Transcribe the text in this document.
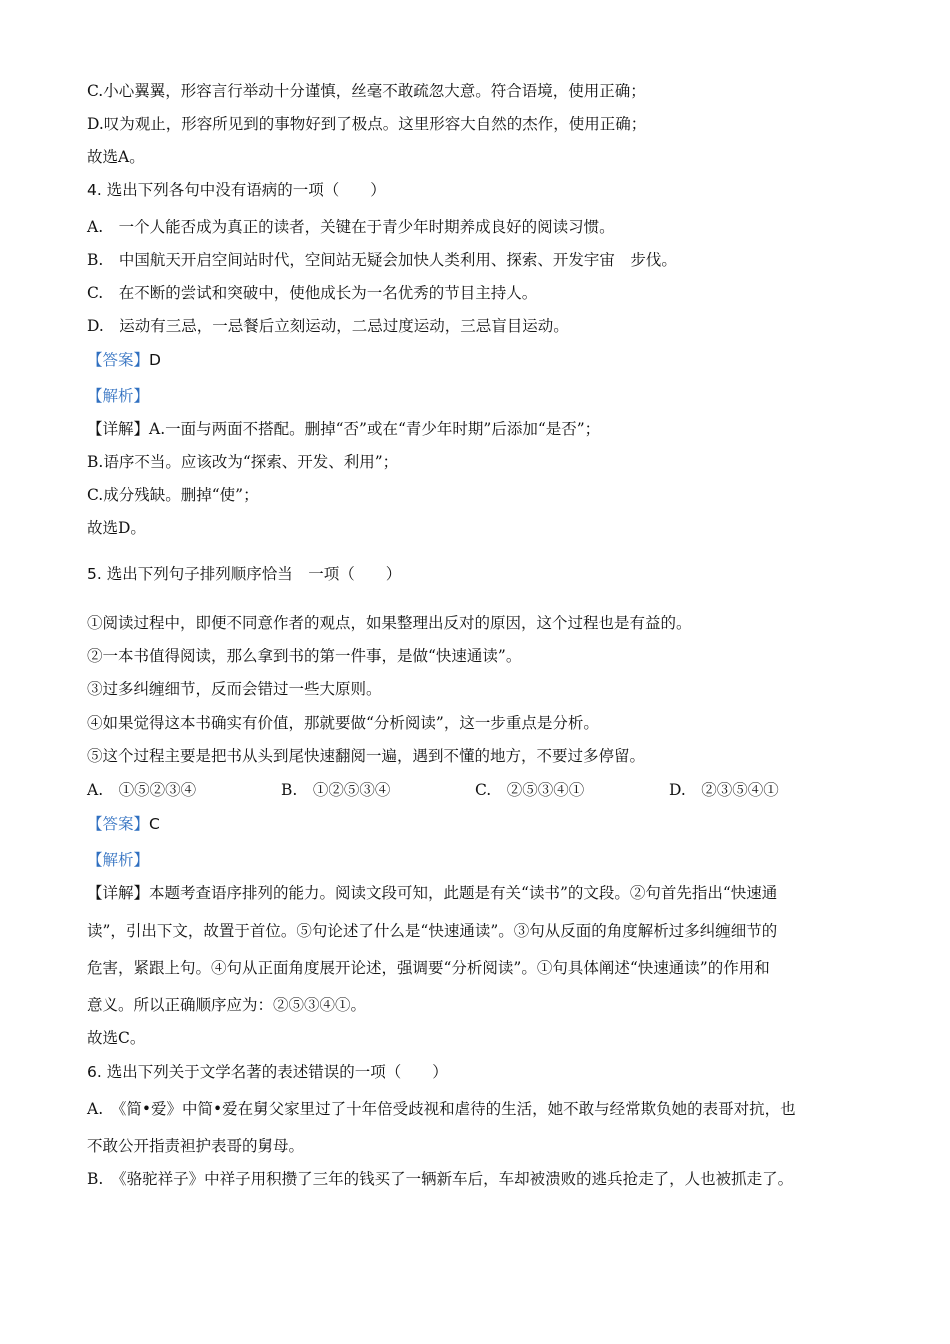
C.小心翼翼，形容言行举动十分谨慎，丝毫不敢疏忽大意。符合语境，使用正确；
D.叹为观止，形容所见到的事物好到了极点。这里形容大自然的杰作，使用正确；
故选A。
4. 选出下列各句中没有语病的一项（　　）
A.　一个人能否成为真正的读者，关键在于青少年时期养成良好的阅读习惯。
B.　中国航天开启空间站时代，空间站无疑会加快人类利用、探索、开发宇宙　步伐。
C.　在不断的尝试和突破中，使他成长为一名优秀的节目主持人。
D.　运动有三忌，一忌餐后立刻运动，二忌过度运动，三忌盲目运动。
【答案】D
【解析】
【详解】A.一面与两面不搭配。删掉“否”或在“青少年时期”后添加“是否”；
B.语序不当。应该改为“探索、开发、利用”；
C.成分残缺。删掉“使”；
故选D。
5. 选出下列句子排列顺序恰当　一项（　　）
①阅读过程中，即便不同意作者的观点，如果整理出反对的原因，这个过程也是有益的。
②一本书值得阅读，那么拿到书的第一件事，是做“快速通读”。
③过多纠缠细节，反而会错过一些大原则。
④如果觉得这本书确实有价值，那就要做“分析阅读”，这一步重点是分析。
⑤这个过程主要是把书从头到尾快速翻阅一遍，遇到不懂的地方，不要过多停留。
A.　①⑤②③④	B.　①②⑤③④	C.　②⑤③④①	D.　②③⑤④①
【答案】C
【解析】
【详解】本题考查语序排列的能力。阅读文段可知，此题是有关“读书”的文段。②句首先指出“快速通
读”，引出下文，故置于首位。⑤句论述了什么是“快速通读”。③句从反面的角度解析过多纠缠细节的
危害，紧跟上句。④句从正面角度展开论述，强调要“分析阅读”。①句具体阐述“快速通读”的作用和
意义。所以正确顺序应为：②⑤③④①。
故选C。
6. 选出下列关于文学名著的表述错误的一项（　　）
A.　《简•爱》中简•爱在舅父家里过了十年倍受歧视和虐待的生活，她不敢与经常欺负她的表哥对抗，也
不敢公开指责袒护表哥的舅母。
B.　《骆驼祥子》中祥子用积攒了三年的钱买了一辆新车后，车却被溃败的逃兵抢走了，人也被抓走了。
